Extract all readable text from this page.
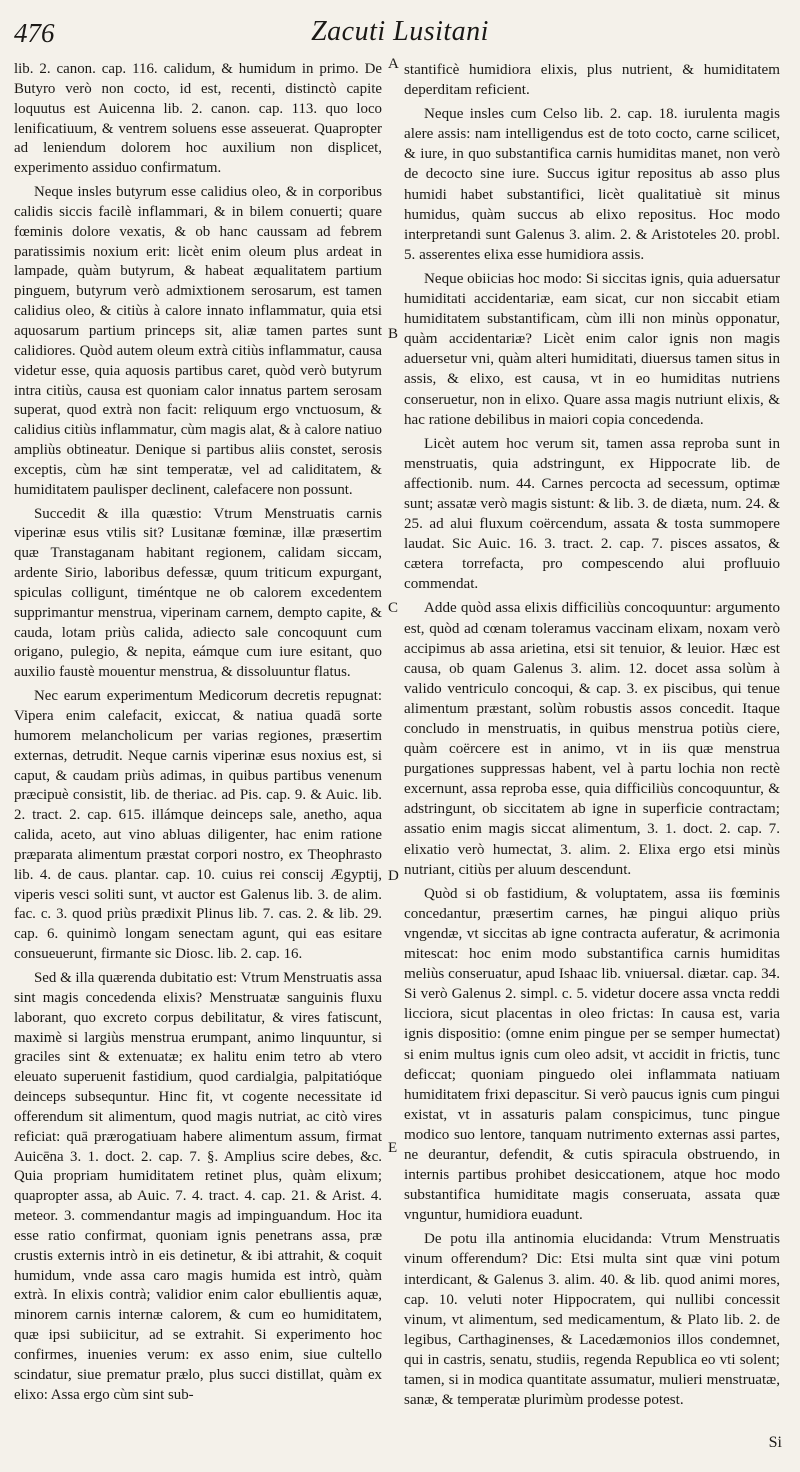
476	Zacuti Lusitani

lib. 2. canon. cap. 116. calidum, & humidum in primo. De Butyro verò non cocto, id est, recenti, distinctò capite loquutus est Auicenna lib. 2. canon. cap. 113. quo loco lenificatiuum, & ventrem soluens esse asseuerat. Quapropter ad leniendum dolorem hoc auxilium non displicet, experimento assiduo confirmatum.

Neque insles butyrum esse calidius oleo, & in corporibus calidis siccis facilè inflammari, & in bilem conuerti; quare fœminis dolore vexatis, & ob hanc caussam ad febrem paratissimis noxium erit: licèt enim oleum plus ardeat in lampade, quàm butyrum, & habeat æqualitatem partium pinguem, butyrum verò admixtionem serosarum, est tamen calidius oleo, & citiùs à calore innato inflammatur, quia etsi aquosarum partium princeps sit, aliæ tamen partes sunt calidiores. Quòd autem oleum extrà citiùs inflammatur, causa videtur esse, quia aquosis partibus caret, quòd verò butyrum intra citiùs, causa est quoniam calor innatus partem serosam superat, quod extrà non facit: reliquum ergo vnctuosum, & calidius citiùs inflammatur, cùm magis alat, & à calore natiuo ampliùs obtineatur. Denique si partibus aliis constet, serosis exceptis, cùm hæ sint temperatæ, vel ad caliditatem, & humiditatem paulisper declinent, calefacere non possunt.

Succedit & illa quæstio: Vtrum Menstruatis carnis viperinæ esus vtilis sit? Lusitanæ fœminæ, illæ præsertim quæ Transtaganam habitant regionem, calidam siccam, ardente Sirio, laboribus defessæ, quum triticum expurgant, spiculas colligunt, timéntque ne ob calorem excedentem supprimantur menstrua, viperinam carnem, dempto capite, & cauda, lotam priùs calida, adiecto sale concoquunt cum origano, pulegio, & nepita, eámque cum iure esitant, quo auxilio faustè mouentur menstrua, & dissoluuntur flatus.

Nec earum experimentum Medicorum decretis repugnat: Vipera enim calefacit, exiccat, & natiua quadā sorte humorem melancholicum per varias regiones, præsertim externas, detrudit. Neque carnis viperinæ esus noxius est, si caput, & caudam priùs adimas, in quibus partibus venenum præcipuè consistit, lib. de theriac. ad Pis. cap. 9. & Auic. lib. 2. tract. 2. cap. 615. illámque deinceps sale, anetho, aqua calida, aceto, aut vino abluas diligenter, hac enim ratione præparata alimentum præstat corpori nostro, ex Theophrasto lib. 4. de caus. plantar. cap. 10. cuius rei conscij Ægyptij, viperis vesci soliti sunt, vt auctor est Galenus lib. 3. de alim. fac. c. 3. quod priùs prædixit Plinus lib. 7. cas. 2. & lib. 29. cap. 6. quinimò longam senectam agunt, qui eas esitare consueuerunt, firmante sic Diosc. lib. 2. cap. 16.

Sed & illa quærenda dubitatio est: Vtrum Menstruatis assa sint magis concedenda elixis? Menstruatæ sanguinis fluxu laborant, quo excreto corpus debilitatur, & vires fatiscunt, maximè si largiùs menstrua erumpant, animo linquuntur, si graciles sint & extenuatæ; ex halitu enim tetro ab vtero eleuato superuenit fastidium, quod cardialgia, palpitatióque deinceps subsequntur. Hinc fit, vt cogente necessitate id offerendum sit alimentum, quod magis nutriat, ac citò vires reficiat: quā prærogatiuam habere alimentum assum, firmat Auicēna 3. 1. doct. 2. cap. 7. §. Amplius scire debes, &c. Quia propriam humiditatem retinet plus, quàm elixum; quapropter assa, ab Auic. 7. 4. tract. 4. cap. 21. & Arist. 4. meteor. 3. commendantur magis ad impinguandum. Hoc ita esse ratio confirmat, quoniam ignis penetrans assa, præ crustis externis intrò in eis detinetur, & ibi attrahit, & coquit humidum, vnde assa caro magis humida est intrò, quàm extrà. In elixis contrà; validior enim calor ebullientis aquæ, minorem carnis internæ calorem, & cum eo humiditatem, quæ ipsi subiicitur, ad se extrahit. Si experimento hoc confirmes, inuenies verum: ex asso enim, siue cultello scindatur, siue prematur prælo, plus succi distillat, quàm ex elixo: Assa ergo cùm sint sub-

A
B
C
D
E

stantificè humidiora elixis, plus nutrient, & humiditatem deperditam reficient.

Neque insles cum Celso lib. 2. cap. 18. iurulenta magis alere assis: nam intelligendus est de toto cocto, carne scilicet, & iure, in quo substantifica carnis humiditas manet, non verò de decocto sine iure. Succus igitur repositus ab asso plus humidi habet substantifici, licèt qualitatiuè sit minus humidus, quàm succus ab elixo repositus. Hoc modo interpretandi sunt Galenus 3. alim. 2. & Aristoteles 20. probl. 5. asserentes elixa esse humidiora assis.

Neque obiicias hoc modo: Si siccitas ignis, quia aduersatur humiditati accidentariæ, eam sicat, cur non siccabit etiam humiditatem substantificam, cùm illi non minùs opponatur, quàm accidentariæ? Licèt enim calor ignis non magis aduersetur vni, quàm alteri humiditati, diuersus tamen situs in assis, & elixo, est causa, vt in eo humiditas nutriens conseruetur, non in elixo. Quare assa magis nutriunt elixis, & hac ratione debilibus in maiori copia concedenda.

Licèt autem hoc verum sit, tamen assa reproba sunt in menstruatis, quia adstringunt, ex Hippocrate lib. de affectionib. num. 44. Carnes percocta ad secessum, optimæ sunt; assatæ verò magis sistunt: & lib. 3. de diæta, num. 24. & 25. ad alui fluxum coërcendum, assata & tosta summopere laudat. Sic Auic. 16. 3. tract. 2. cap. 7. pisces assatos, & cætera torrefacta, pro compescendo alui profluuio commendat.

Adde quòd assa elixis difficiliùs concoquuntur: argumento est, quòd ad cœnam toleramus vaccinam elixam, noxam verò accipimus ab assa arietina, etsi sit tenuior, & leuior. Hæc est causa, ob quam Galenus 3. alim. 12. docet assa solùm à valido ventriculo concoqui, & cap. 3. ex piscibus, qui tenue alimentum præstant, solùm robustis assos concedit. Itaque concludo in menstruatis, in quibus menstrua potiùs ciere, quàm coërcere est in animo, vt in iis quæ menstrua purgationes suppressas habent, vel à partu lochia non rectè excernunt, assa reproba esse, quia difficiliùs concoquuntur, & adstringunt, ob siccitatem ab igne in superficie contractam; assatio enim magis siccat alimentum, 3. 1. doct. 2. cap. 7. elixatio verò humectat, 3. alim. 2. Elixa ergo etsi minùs nutriant, citiùs per aluum descendunt.

Quòd si ob fastidium, & voluptatem, assa iis fœminis concedantur, præsertim carnes, hæ pingui aliquo priùs vngendæ, vt siccitas ab igne contracta auferatur, & acrimonia mitescat: hoc enim modo substantifica carnis humiditas meliùs conseruatur, apud Ishaac lib. vniuersal. diætar. cap. 34. Si verò Galenus 2. simpl. c. 5. videtur docere assa vncta reddi licciora, sicut placentas in oleo frictas: In causa est, varia ignis dispositio: (omne enim pingue per se semper humectat) si enim multus ignis cum oleo adsit, vt accidit in frictis, tunc deficcat; quoniam pinguedo olei inflammata natiuam humiditatem frixi depascitur. Si verò paucus ignis cum pingui existat, vt in assaturis palam conspicimus, tunc pingue modico suo lentore, tanquam nutrimento externas assi partes, ne deurantur, defendit, & cutis spiracula obstruendo, in internis partibus prohibet desiccationem, atque hoc modo substantifica humiditate magis conseruata, assata quæ vnguntur, humidiora euadunt.

De potu illa antinomia elucidanda: Vtrum Menstruatis vinum offerendum? Dic: Etsi multa sint quæ vini potum interdicant, & Galenus 3. alim. 40. & lib. quod animi mores, cap. 10. veluti noter Hippocratem, qui nullibi concessit vinum, vt alimentum, sed medicamentum, & Plato lib. 2. de legibus, Carthaginenses, & Lacedæmonios illos condemnet, qui in castris, senatu, studiis, regenda Republica eo vti solent; tamen, si in modica quantitate assumatur, mulieri menstruatæ, sanæ, & temperatæ plurimùm prodesse potest.

Si
